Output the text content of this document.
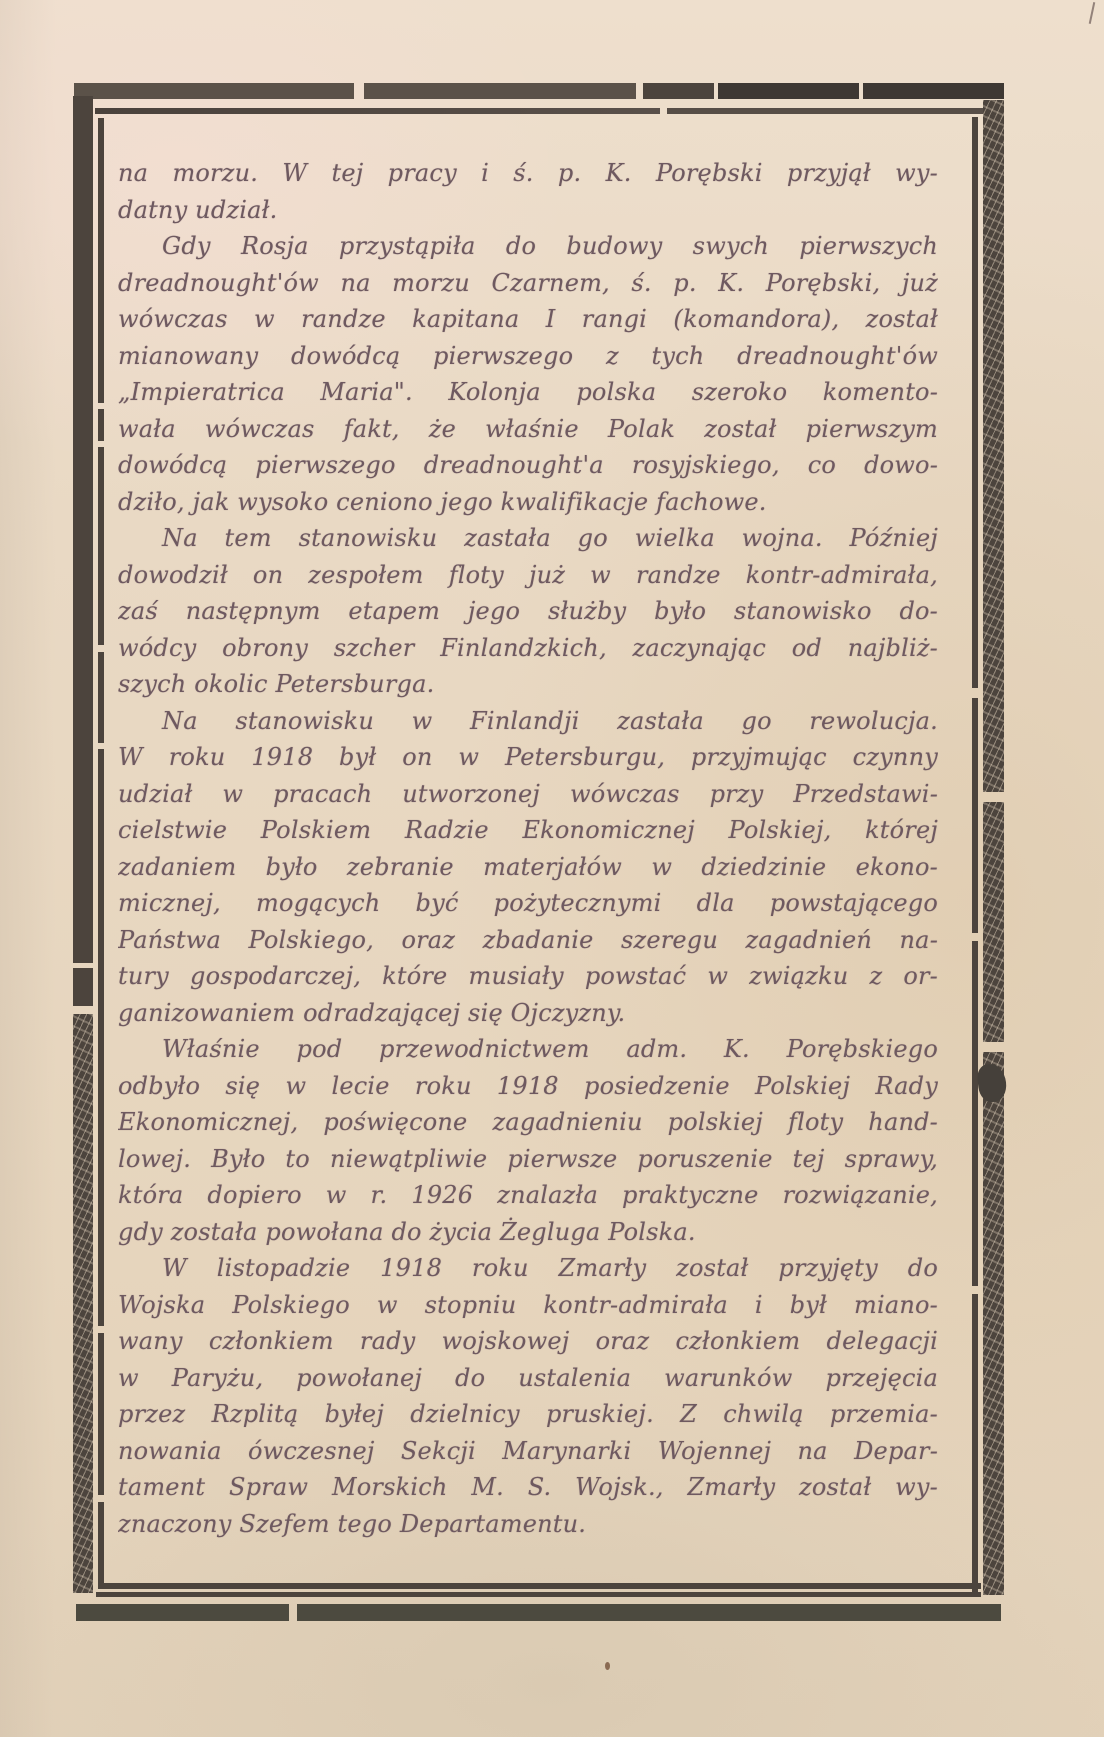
na morzu. W tej pracy i ś. p. K. Porębski przyjął wy-
datny udział.
Gdy Rosja przystąpiła do budowy swych pierwszych
dreadnought'ów na morzu Czarnem, ś. p. K. Porębski, już
wówczas w randze kapitana I rangi (komandora), został
mianowany dowódcą pierwszego z tych dreadnought'ów
„Impieratrica Maria". Kolonja polska szeroko komento-
wała wówczas fakt, że właśnie Polak został pierwszym
dowódcą pierwszego dreadnought'a rosyjskiego, co dowo-
dziło, jak wysoko ceniono jego kwalifikacje fachowe.
Na tem stanowisku zastała go wielka wojna. Później
dowodził on zespołem floty już w randze kontr-admirała,
zaś następnym etapem jego służby było stanowisko do-
wódcy obrony szcher Finlandzkich, zaczynając od najbliż-
szych okolic Petersburga.
Na stanowisku w Finlandji zastała go rewolucja.
W roku 1918 był on w Petersburgu, przyjmując czynny
udział w pracach utworzonej wówczas przy Przedstawi-
cielstwie Polskiem Radzie Ekonomicznej Polskiej, której
zadaniem było zebranie materjałów w dziedzinie ekono-
micznej, mogących być pożytecznymi dla powstającego
Państwa Polskiego, oraz zbadanie szeregu zagadnień na-
tury gospodarczej, które musiały powstać w związku z or-
ganizowaniem odradzającej się Ojczyzny.
Właśnie pod przewodnictwem adm. K. Porębskiego
odbyło się w lecie roku 1918 posiedzenie Polskiej Rady
Ekonomicznej, poświęcone zagadnieniu polskiej floty hand-
lowej. Było to niewątpliwie pierwsze poruszenie tej sprawy,
która dopiero w r. 1926 znalazła praktyczne rozwiązanie,
gdy została powołana do życia Żegluga Polska.
W listopadzie 1918 roku Zmarły został przyjęty do
Wojska Polskiego w stopniu kontr-admirała i był miano-
wany członkiem rady wojskowej oraz członkiem delegacji
w Paryżu, powołanej do ustalenia warunków przejęcia
przez Rzplitą byłej dzielnicy pruskiej. Z chwilą przemia-
nowania ówczesnej Sekcji Marynarki Wojennej na Depar-
tament Spraw Morskich M. S. Wojsk., Zmarły został wy-
znaczony Szefem tego Departamentu.
